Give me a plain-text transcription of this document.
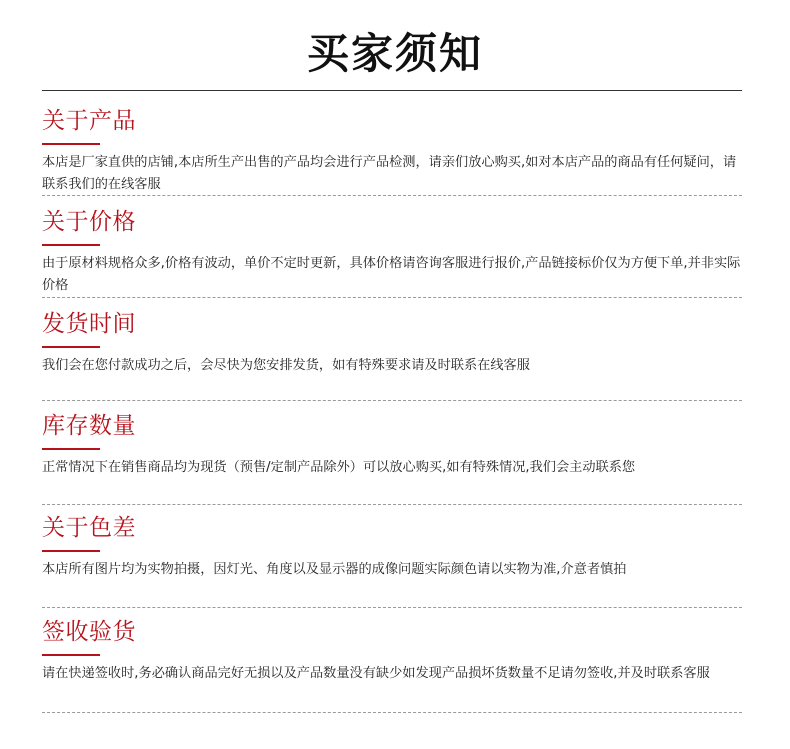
买家须知
关于产品
本店是厂家直供的店铺,本店所生产出售的产品均会进行产品检测，请亲们放心购买,如对本店产品的商品有任何疑问，请联系我们的在线客服
关于价格
由于原材料规格众多,价格有波动，单价不定时更新，具体价格请咨询客服进行报价,产品链接标价仅为方便下单,并非实际价格
发货时间
我们会在您付款成功之后，会尽快为您安排发货，如有特殊要求请及时联系在线客服
库存数量
正常情况下在销售商品均为现货（预售/定制产品除外）可以放心购买,如有特殊情况,我们会主动联系您
关于色差
本店所有图片均为实物拍摄，因灯光、角度以及显示器的成像问题实际颜色请以实物为准,介意者慎拍
签收验货
请在快递签收时,务必确认商品完好无损以及产品数量没有缺少如发现产品损坏货数量不足请勿签收,并及时联系客服
